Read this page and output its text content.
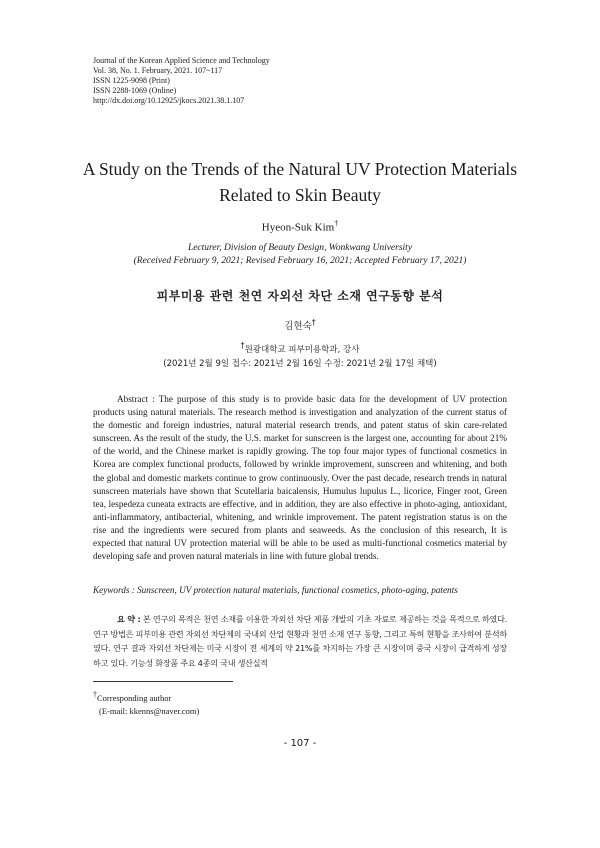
Journal of the Korean Applied Science and Technology
Vol. 38, No. 1. February, 2021. 107~117
ISSN 1225-9098 (Print)
ISSN 2288-1069 (Online)
http://dx.doi.org/10.12925/jkocs.2021.38.1.107
A Study on the Trends of the Natural UV Protection Materials
Related to Skin Beauty
Hyeon-Suk Kim†
Lecturer, Division of Beauty Design, Wonkwang University
(Received February 9, 2021; Revised February 16, 2021; Accepted February 17, 2021)
피부미용 관련 천연 자외선 차단 소재 연구동향 분석
김현숙†
†원광대학교 피부미용학과, 강사
(2021년 2월 9일 접수: 2021년 2월 16일 수정: 2021년 2월 17일 채택)
Abstract : The purpose of this study is to provide basic data for the development of UV protection products using natural materials. The research method is investigation and analyzation of the current status of the domestic and foreign industries, natural material research trends, and patent status of skin care-related sunscreen. As the result of the study, the U.S. market for sunscreen is the largest one, accounting for about 21% of the world, and the Chinese market is rapidly growing. The top four major types of functional cosmetics in Korea are complex functional products, followed by wrinkle improvement, sunscreen and whitening, and both the global and domestic markets continue to grow continuously. Over the past decade, research trends in natural sunscreen materials have shown that Scutellaria baicalensis, Humulus lupulus L., licorice, Finger root, Green tea, lespedeza cuneata extracts are effective, and in addition, they are also effective in photo-aging, antioxidant, anti-inflammatory, antibacterial, whitening, and wrinkle improvement. The patent registration status is on the rise and the ingredients were secured from plants and seaweeds. As the conclusion of this research, It is expected that natural UV protection material will be able to be used as multi-functional cosmetics material by developing safe and proven natural materials in line with future global trends.
Keywords : Sunscreen, UV protection natural materials, functional cosmetics, photo-aging, patents
요 약 : 본 연구의 목적은 천연 소재를 이용한 자외선 차단 제품 개발의 기초 자료로 제공하는 것을 목적으로 하였다. 연구 방법은 피부미용 관련 자외선 차단제의 국내외 산업 현황과 천연 소재 연구 동향, 그리고 특허 현황을 조사하여 분석하였다. 연구 결과 자외선 차단제는 미국 시장이 전 세계의 약 21%를 차지하는 가장 큰 시장이며 중국 시장이 급격하게 성장하고 있다. 기능성 화장품 주요 4종의 국내 생산실적
†Corresponding author
(E-mail: kkenns@naver.com)
- 107 -
